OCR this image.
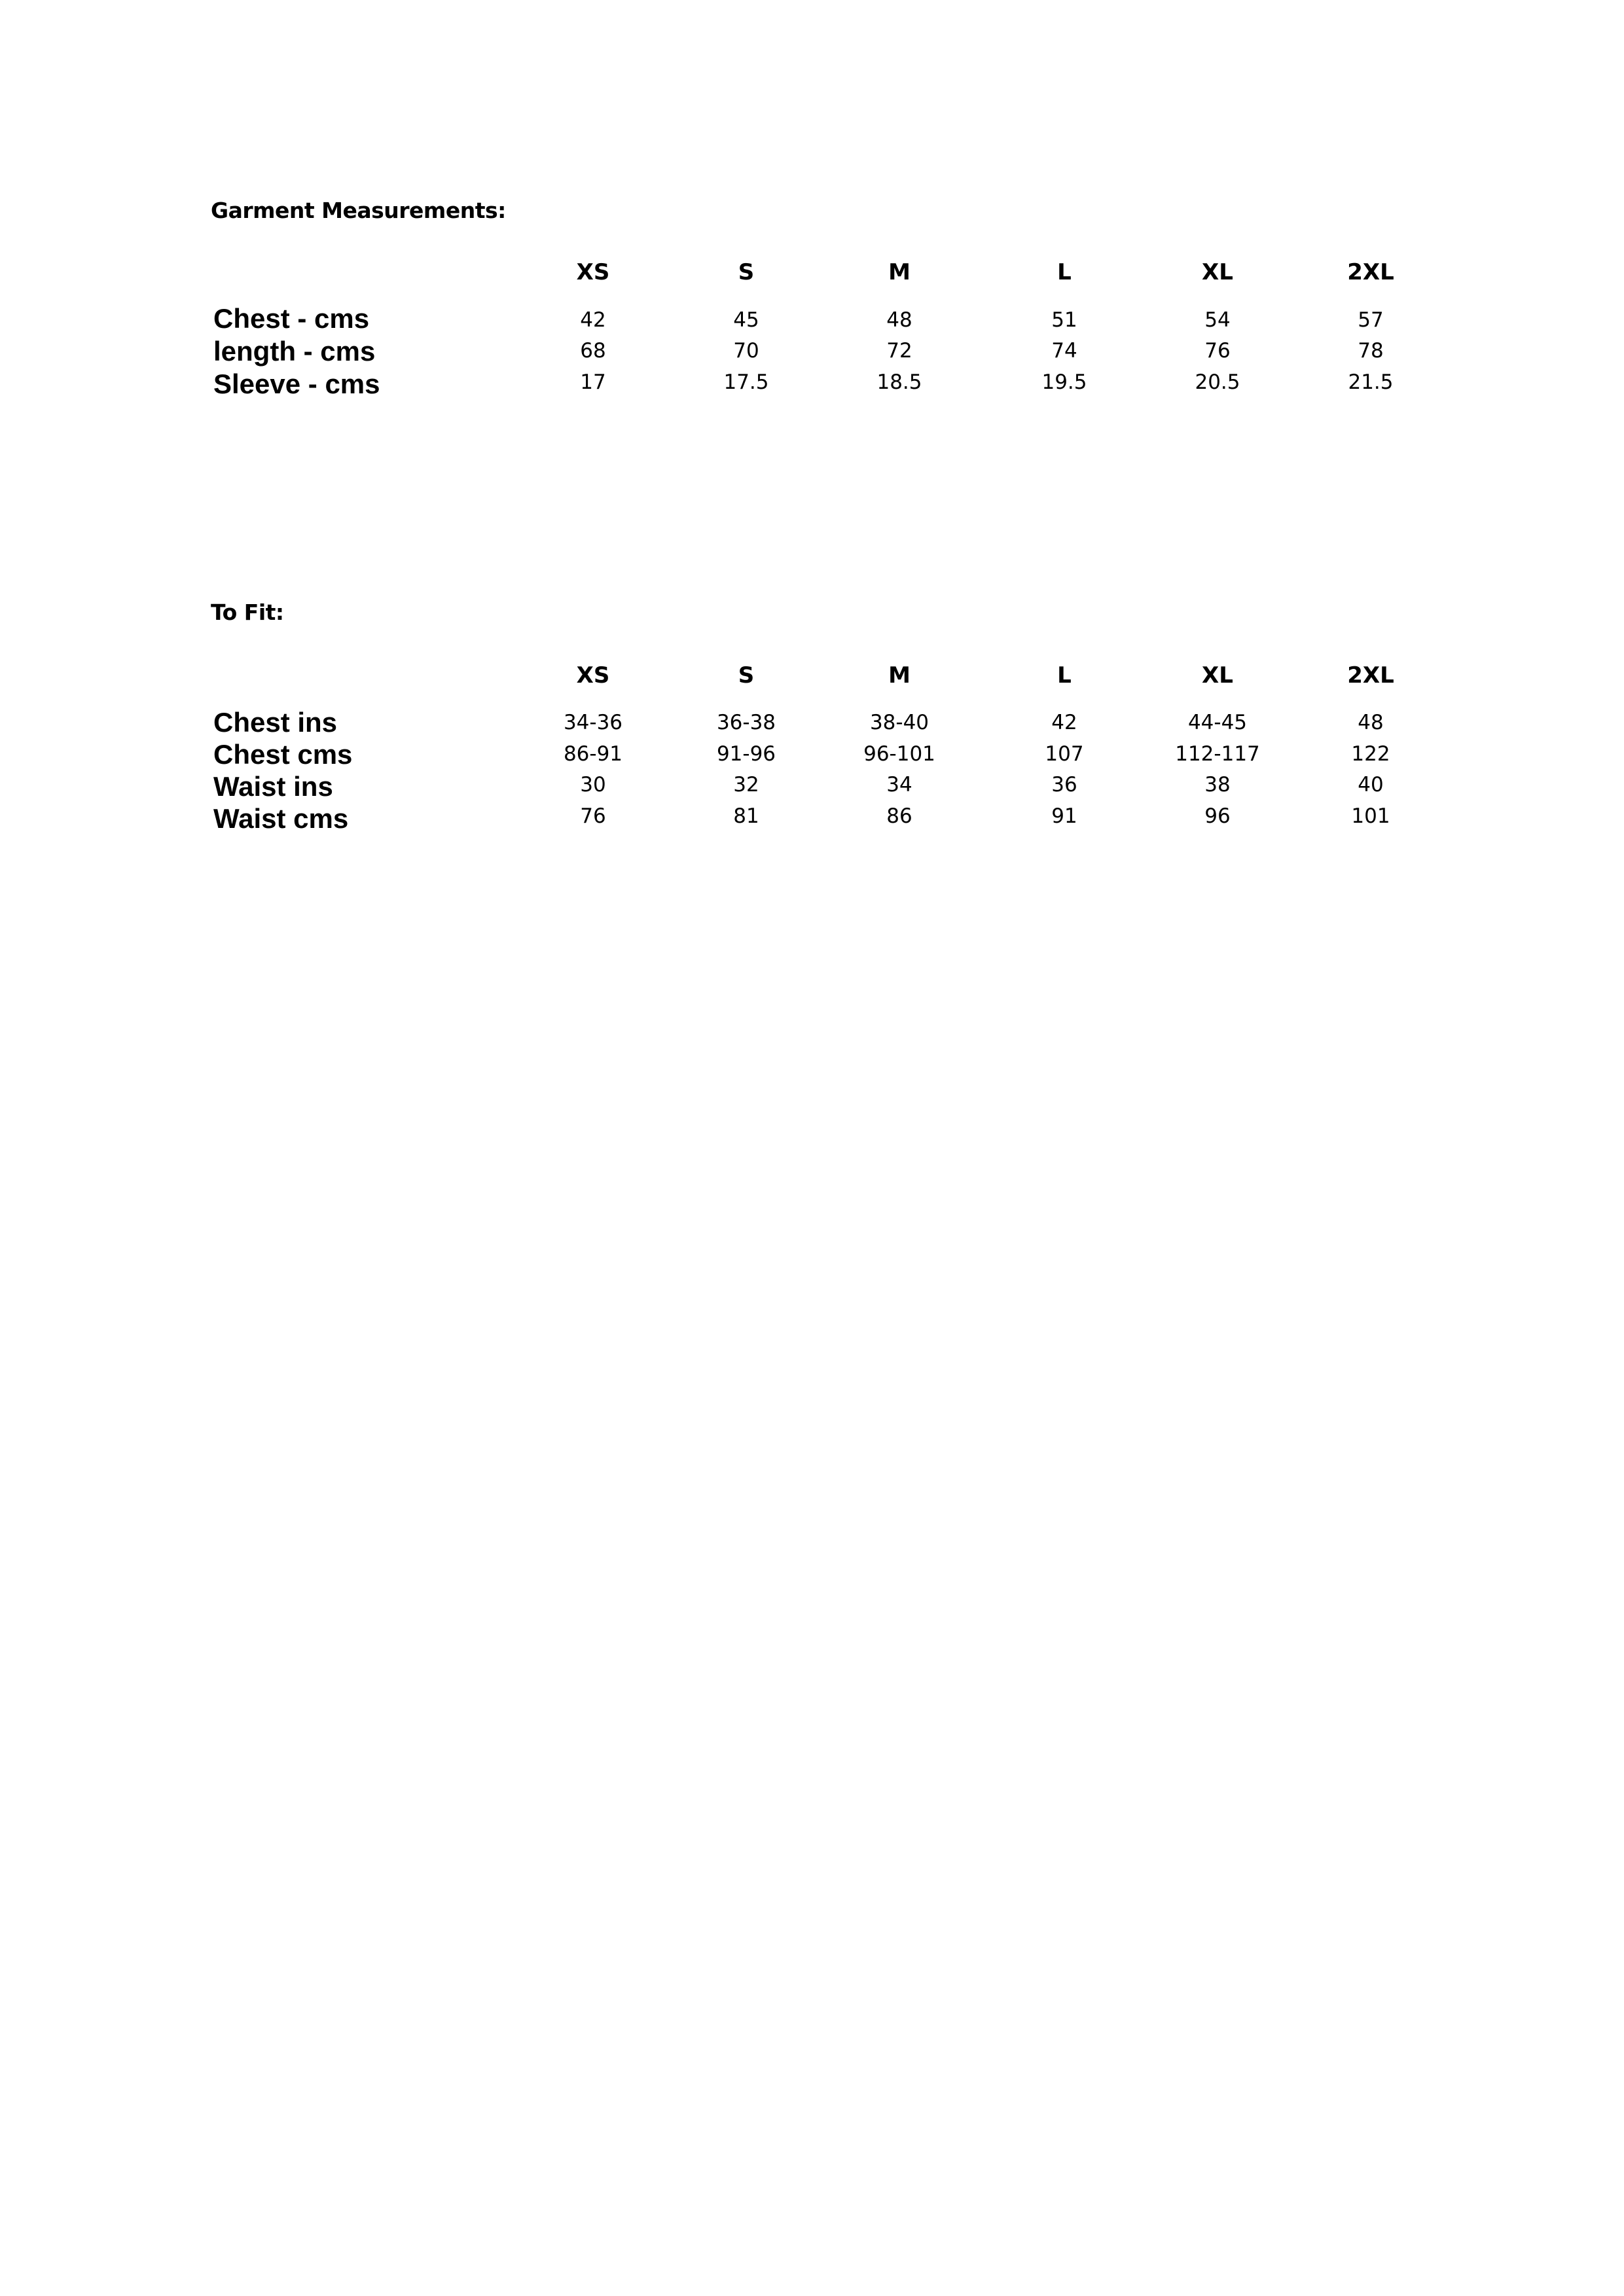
Garment Measurements:
XS	S	M	L	XL	2XL
Chest - cms	42	45	48	51	54	57
length - cms	68	70	72	74	76	78
Sleeve - cms	17	17.5	18.5	19.5	20.5	21.5
To Fit:
XS	S	M	L	XL	2XL
Chest ins	34-36	36-38	38-40	42	44-45	48
Chest cms	86-91	91-96	96-101	107	112-117	122
Waist ins	30	32	34	36	38	40
Waist cms	76	81	86	91	96	101
